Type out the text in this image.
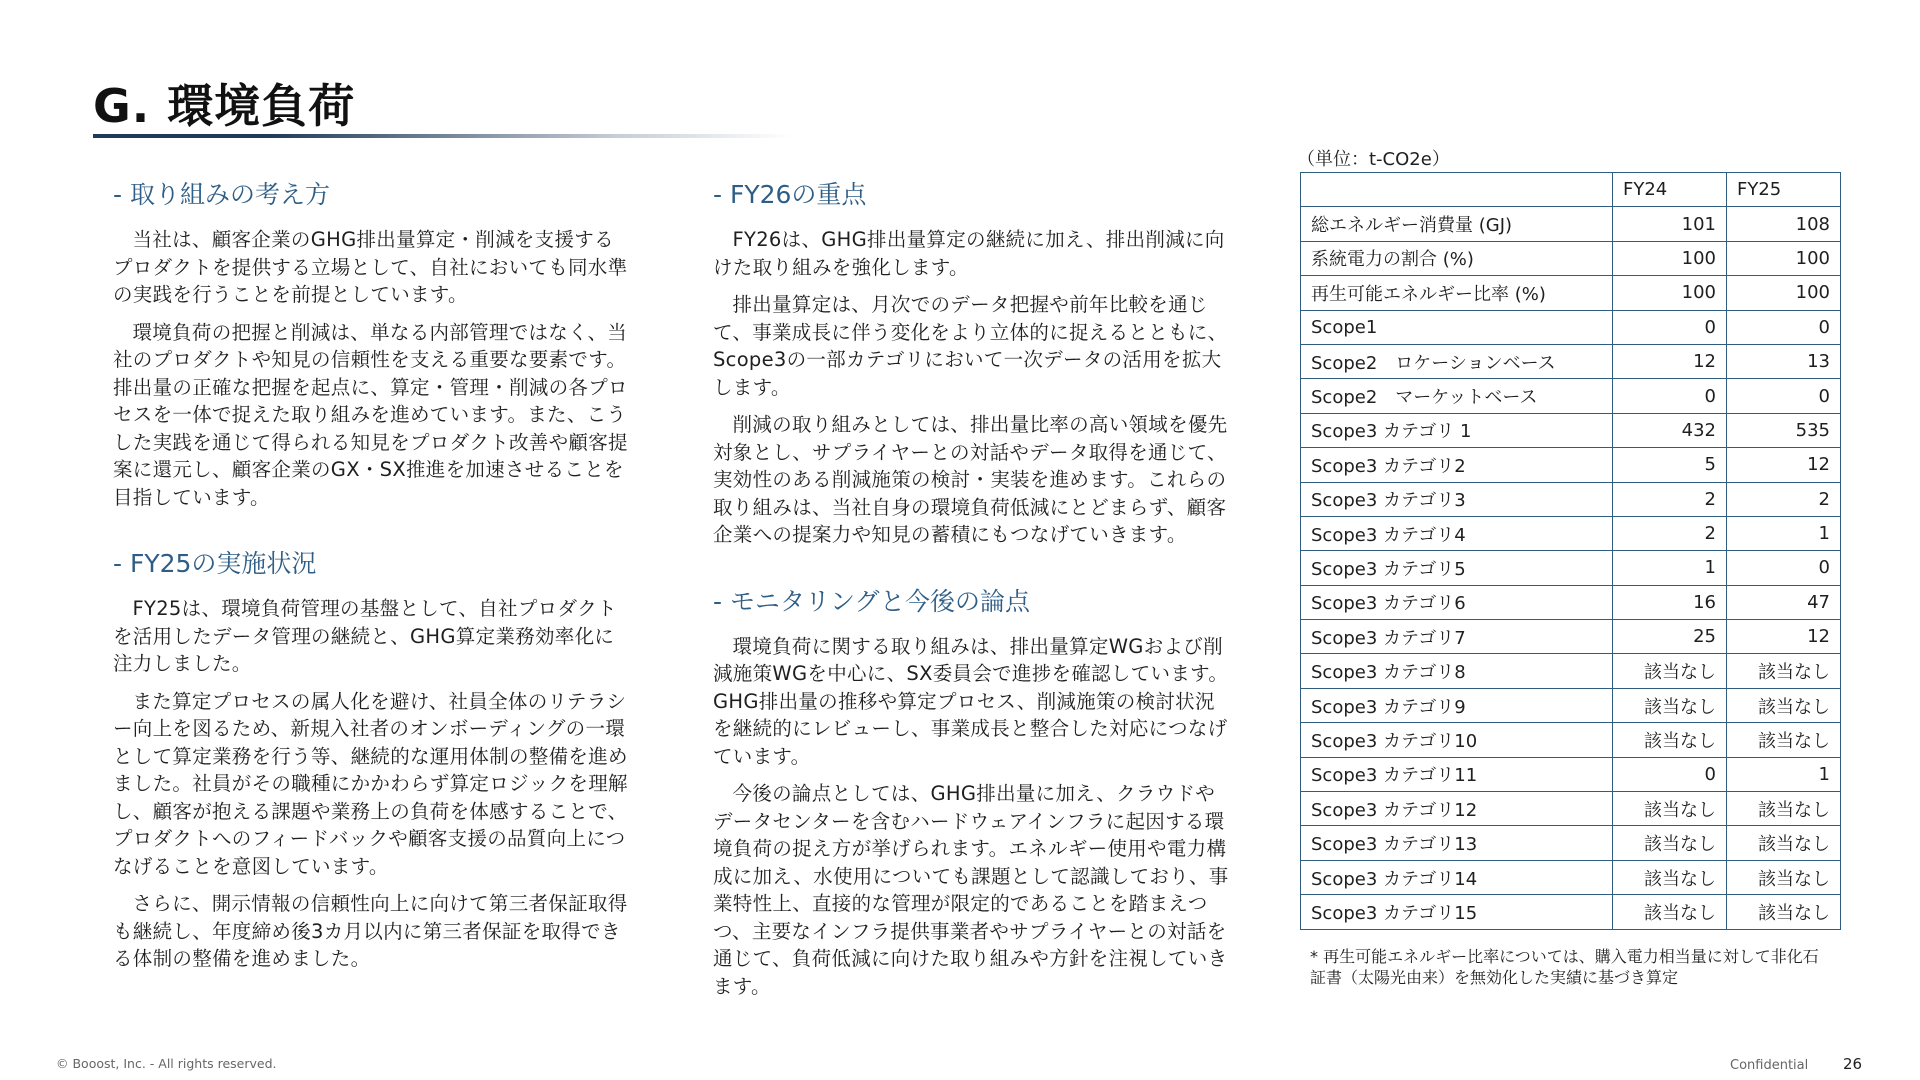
G. 環境負荷
- 取り組みの考え方

当社は、顧客企業のGHG排出量算定・削減を支援するプロダクトを提供する立場として、自社においても同水準の実践を行うことを前提としています。

環境負荷の把握と削減は、単なる内部管理ではなく、当社のプロダクトや知見の信頼性を支える重要な要素です。排出量の正確な把握を起点に、算定・管理・削減の各プロセスを一体で捉えた取り組みを進めています。また、こうした実践を通じて得られる知見をプロダクト改善や顧客提案に還元し、顧客企業のGX・SX推進を加速させることを目指しています。

- FY25の実施状況

FY25は、環境負荷管理の基盤として、自社プロダクトを活用したデータ管理の継続と、GHG算定業務効率化に注力しました。

また算定プロセスの属人化を避け、社員全体のリテラシー向上を図るため、新規入社者のオンボーディングの一環として算定業務を行う等、継続的な運用体制の整備を進めました。社員がその職種にかかわらず算定ロジックを理解し、顧客が抱える課題や業務上の負荷を体感することで、プロダクトへのフィードバックや顧客支援の品質向上につなげることを意図しています。

さらに、開示情報の信頼性向上に向けて第三者保証取得も継続し、年度締め後3カ月以内に第三者保証を取得できる体制の整備を進めました。

- FY26の重点

FY26は、GHG排出量算定の継続に加え、排出削減に向けた取り組みを強化します。

排出量算定は、月次でのデータ把握や前年比較を通じて、事業成長に伴う変化をより立体的に捉えるとともに、Scope3の一部カテゴリにおいて一次データの活用を拡大します。

削減の取り組みとしては、排出量比率の高い領域を優先対象とし、サプライヤーとの対話やデータ取得を通じて、実効性のある削減施策の検討・実装を進めます。これらの取り組みは、当社自身の環境負荷低減にとどまらず、顧客企業への提案力や知見の蓄積にもつなげていきます。

- モニタリングと今後の論点

環境負荷に関する取り組みは、排出量算定WGおよび削減施策WGを中心に、SX委員会で進捗を確認しています。GHG排出量の推移や算定プロセス、削減施策の検討状況を継続的にレビューし、事業成長と整合した対応につなげています。

今後の論点としては、GHG排出量に加え、クラウドやデータセンターを含むハードウェアインフラに起因する環境負荷の捉え方が挙げられます。エネルギー使用や電力構成に加え、水使用についても課題として認識しており、事業特性上、直接的な管理が限定的であることを踏まえつつ、主要なインフラ提供事業者やサプライヤーとの対話を通じて、負荷低減に向けた取り組みや方針を注視していきます。

（単位：t-CO2e）
	FY24	FY25
総エネルギー消費量 (GJ)	101	108
系統電力の割合 (%)	100	100
再生可能エネルギー比率 (%)	100	100
Scope1	0	0
Scope2　ロケーションベース	12	13
Scope2　マーケットベース	0	0
Scope3 カテゴリ 1	432	535
Scope3 カテゴリ2	5	12
Scope3 カテゴリ3	2	2
Scope3 カテゴリ4	2	1
Scope3 カテゴリ5	1	0
Scope3 カテゴリ6	16	47
Scope3 カテゴリ7	25	12
Scope3 カテゴリ8	該当なし	該当なし
Scope3 カテゴリ9	該当なし	該当なし
Scope3 カテゴリ10	該当なし	該当なし
Scope3 カテゴリ11	0	1
Scope3 カテゴリ12	該当なし	該当なし
Scope3 カテゴリ13	該当なし	該当なし
Scope3 カテゴリ14	該当なし	該当なし
Scope3 カテゴリ15	該当なし	該当なし
* 再生可能エネルギー比率については、購入電力相当量に対して非化石証書（太陽光由来）を無効化した実績に基づき算定
© Booost, Inc. - All rights reserved.	Confidential 26
